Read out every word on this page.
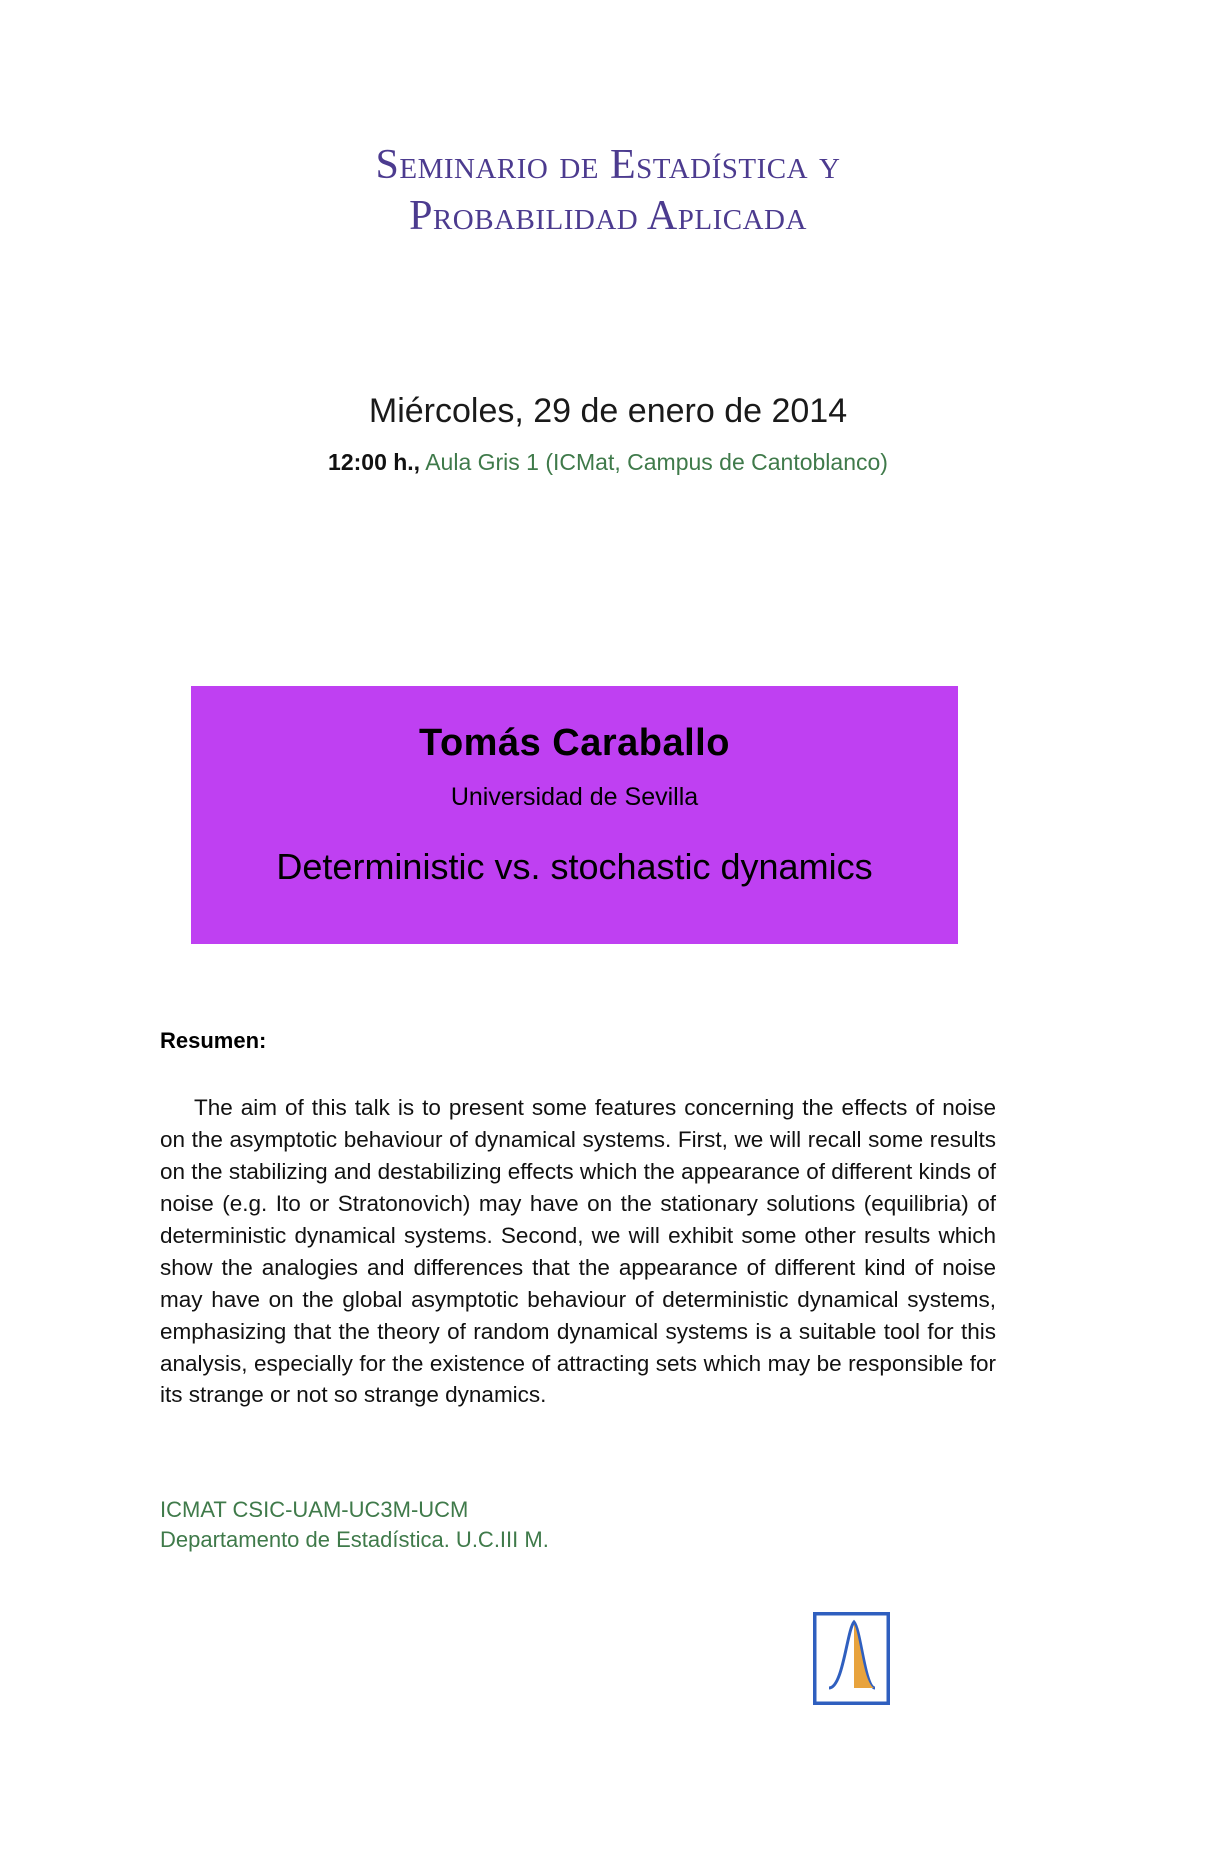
Seminario de Estadística y
Probabilidad Aplicada
Miércoles, 29 de enero de 2014
12:00 h., Aula Gris 1 (ICMat, Campus de Cantoblanco)
Tomás Caraballo
Universidad de Sevilla
Deterministic vs. stochastic dynamics
Resumen:
The aim of this talk is to present some features concerning the effects of noise on the asymptotic behaviour of dynamical systems. First, we will recall some results on the stabilizing and destabilizing effects which the appearance of different kinds of noise (e.g. Ito or Stratonovich) may have on the stationary solutions (equilibria) of deterministic dynamical systems. Second, we will exhibit some other results which show the analogies and differences that the appearance of different kind of noise may have on the global asymptotic behaviour of deterministic dynamical systems, emphasizing that the theory of random dynamical systems is a suitable tool for this analysis, especially for the existence of attracting sets which may be responsible for its strange or not so strange dynamics.
ICMAT CSIC-UAM-UC3M-UCM
Departamento de Estadística. U.C.III M.
